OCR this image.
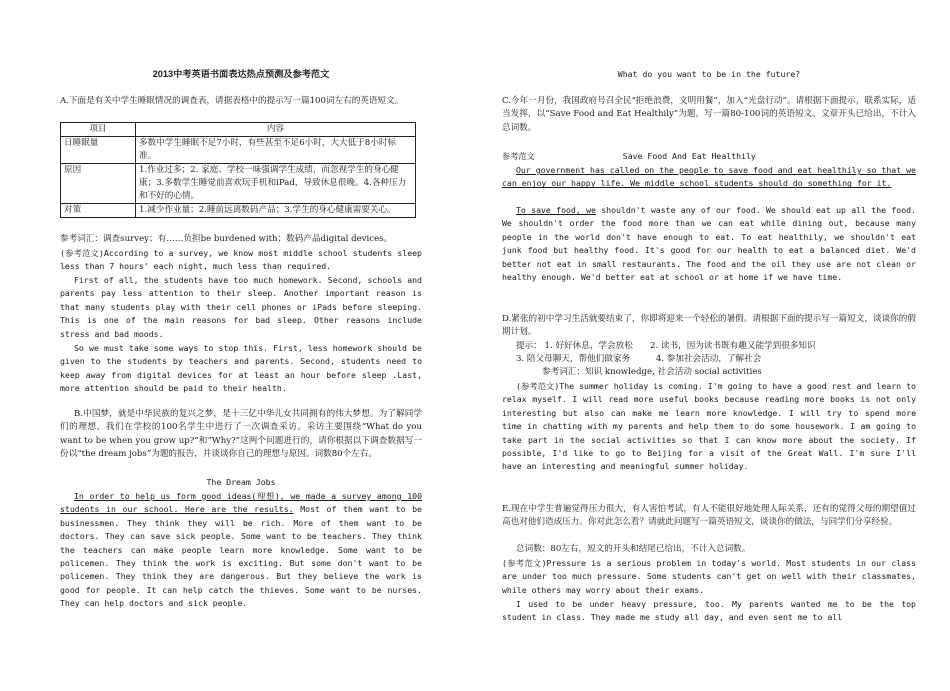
2013中考英语书面表达热点预测及参考范文

A.下面是有关中学生睡眠情况的调查表，请据表格中的提示写一篇100词左右的英语短文。

项目	内容
日睡眠量	多数中学生睡眠不足7小时，有些甚至不足6小时，大大低于8小时标准。
原因	1.作业过多；2. 家庭、学校一味强调学生成绩，而忽视学生的身心健康；3.多数学生睡觉前喜欢玩手机和iPad，导致休息很晚。4.各种压力和不好的心情。
对策	1.减少作业量；2.睡前远离数码产品；3.学生的身心健康需要关心。

参考词汇：调查survey；有……负担be burdened with；数码产品digital devices。

(参考范文)According to a survey, we know most middle school students sleep less than 7 hours' each night, much less than required.

First of all, the students have too much homework. Second, schools and parents pay less attention to their sleep. Another important reason is that many students play with their cell phones or iPads before sleeping. This is one of the main reasons for bad sleep. Other reasons include stress and bad moods.

So we must take some ways to stop this. First, less homework should be given to the students by teachers and parents. Second, students need to keep away from digital devices for at least an hour before sleep .Last, more attention should be paid to their health.

B.中国梦，就是中华民族的复兴之梦，是十三亿中华儿女共同拥有的伟大梦想。为了解同学们的理想，我们在学校的100名学生中进行了一次调查采访。采访主要围绕“What do you want to be when you grow up?”和“Why?”这两个问题进行的，请你根据以下调查数据写一份以“the dream jobs”为题的报告，并谈谈你自己的理想与原因。词数80个左右。

The Dream Jobs

In order to help us form good ideas(理想), we made a survey among 100 students in our school. Here are the results. Most of them want to be businessmen. They think they will be rich. More of them want to be doctors. They can save sick people. Some want to be teachers. They think the teachers can make people learn more knowledge. Some want to be policemen. They think the work is exciting. But some don't want to be policemen. They think they are dangerous. But they believe the work is good for people. It can help catch the thieves. Some want to be nurses. They can help doctors and sick people.

What do you want to be in the future?

C.今年一月份，我国政府号召全民“拒绝浪费，文明用餐”，加入“光盘行动”。请根据下面提示，联系实际，适当发挥，以“Save Food and Eat Healthily”为题，写一篇80-100词的英语短文。文章开头已给出，不计入总词数。

参考范文	Save Food And Eat Healthily

Our government has called on the people to save food and eat healthily so that we can enjoy our happy life. We middle school students should do something for it.

To save food, we shouldn't waste any of our food. We should eat up all the food. We shouldn't order the food more than we can eat while dining out, because many people in the world don't have enough to eat. To eat healthily, we shouldn't eat junk food but healthy food. It's good for our health to eat a balanced diet. We'd better not eat in small restaurants. The food and the oil they use are not clean or healthy enough. We'd better eat at school or at home if we have time.

D.紧张的初中学习生活就要结束了，你即将迎来一个轻松的暑假。请根据下面的提示写一篇短文，谈谈你的假期计划。

提示： 1. 好好休息，学会放松　　2. 读书，因为读书既有趣又能学到很多知识

3. 陪父母聊天，帮他们做家务　　　4. 参加社会活动，了解社会

参考词汇：知识 knowledge, 社会活动 social activities

(参考范文)The summer holiday is coming. I'm going to have a good rest and learn to relax myself. I will read more useful books because reading more books is not only interesting but also can make me learn more knowledge. I will try to spend more time in chatting with my parents and help them to do some housework. I am going to take part in the social activities so that I can know more about the society. If possible, I'd like to go to Beijing for a visit of the Great Wall. I'm sure I'll have an interesting and meaningful summer holiday.

E.现在中学生普遍觉得压力很大，有人害怕考试，有人不能很好地处理人际关系，还有的觉得父母的期望值过高也对他们造成压力。你对此怎么看？请就此问题写一篇英语短文，谈谈你的做法，与同学们分享经验。

总词数：80左右，短文的开头和结尾已给出，不计入总词数。

(参考范文)Pressure is a serious problem in today's world. Most students in our class are under too much pressure. Some students can't get on well with their classmates, while others may worry about their exams.

I used to be under heavy pressure, too. My parents wanted me to be the top student in class. They made me study all day, and even sent me to all
